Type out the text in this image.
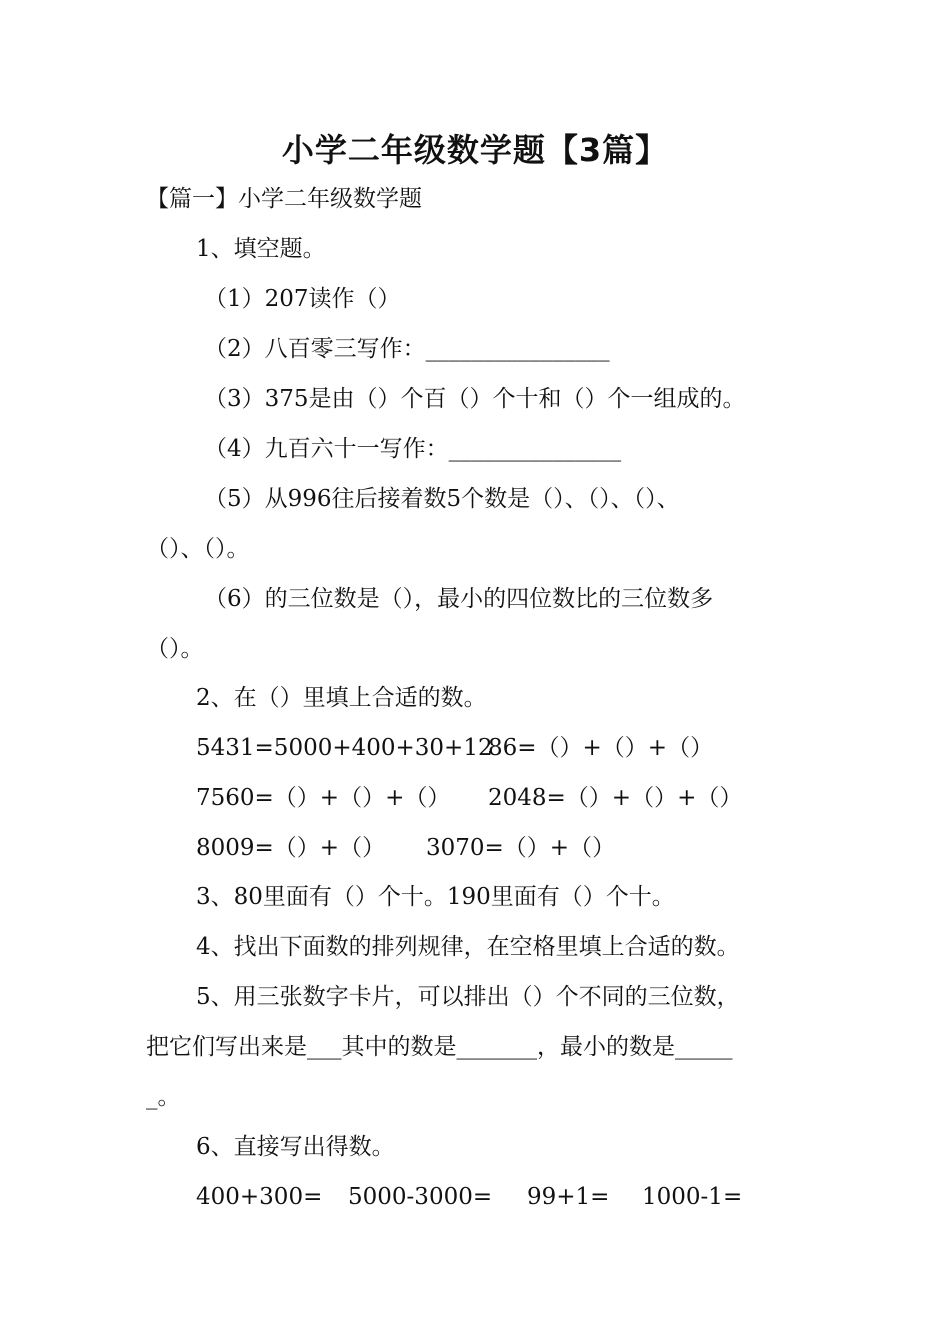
小学二年级数学题【3篇】
【篇一】小学二年级数学题
1、填空题。
（1）207读作（）
（2）八百零三写作：________________
（3）375是由（）个百（）个十和（）个一组成的。
（4）九百六十一写作：_______________
（5）从996往后接着数5个数是（）、（）、（）、
（）、（）。
（6）的三位数是（），最小的四位数比的三位数多
（）。
2、在（）里填上合适的数。
5431=5000+400+30+12
86=（）+（）+（）
7560=（）+（）+（） 2048=（）+（）+（）
8009=（）+（） 3070=（）+（）
3、80里面有（）个十。190里面有（）个十。
4、找出下面数的排列规律，在空格里填上合适的数。
5、用三张数字卡片，可以排出（）个不同的三位数，
把它们写出来是___其中的数是_______，最小的数是_____
_。
6、直接写出得数。
400+300= 5000-3000= 99+1= 1000-1=
